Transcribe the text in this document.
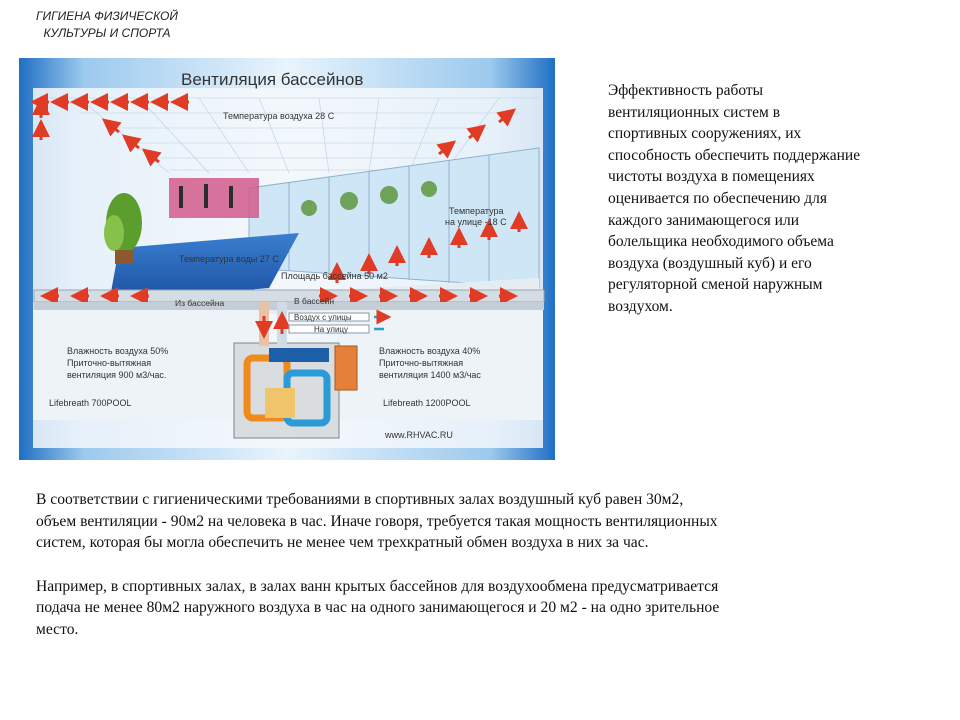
ГИГИЕНА ФИЗИЧЕСКОЙ
КУЛЬТУРЫ И СПОРТА
Вентиляция бассейнов
Температура воздуха 28 С
Температура
на улице -18 С
Температура воды 27 С
Площадь бассейна 50 м2
Из бассейна	В бассейн
Воздух с улицы
На улицу
Влажность воздуха 50%
Приточно-вытяжная
вентиляция 900 м3/час.
Lifebreath 700POOL
Влажность воздуха 40%
Приточно-вытяжная
вентиляция 1400 м3/час
Lifebreath 1200POOL
www.RHVAC.RU
Эффективность работы
вентиляционных систем в
спортивных сооружениях, их
способность обеспечить поддержание
чистоты воздуха в помещениях
оценивается по обеспечению для
каждого занимающегося или
болельщика необходимого объема
воздуха (воздушный куб) и его
регуляторной сменой наружным
воздухом.

В соответствии с гигиеническими требованиями в спортивных залах воздушный куб равен 30м2,
объем вентиляции - 90м2 на человека в час. Иначе говоря, требуется такая мощность вентиляционных
систем, которая бы могла обеспечить не менее чем трехкратный обмен воздуха в них за час.

Например, в спортивных залах, в залах ванн крытых бассейнов для воздухообмена предусматривается
подача не менее 80м2 наружного воздуха в час на одного занимающегося и 20 м2 - на одно зрительное
место.
